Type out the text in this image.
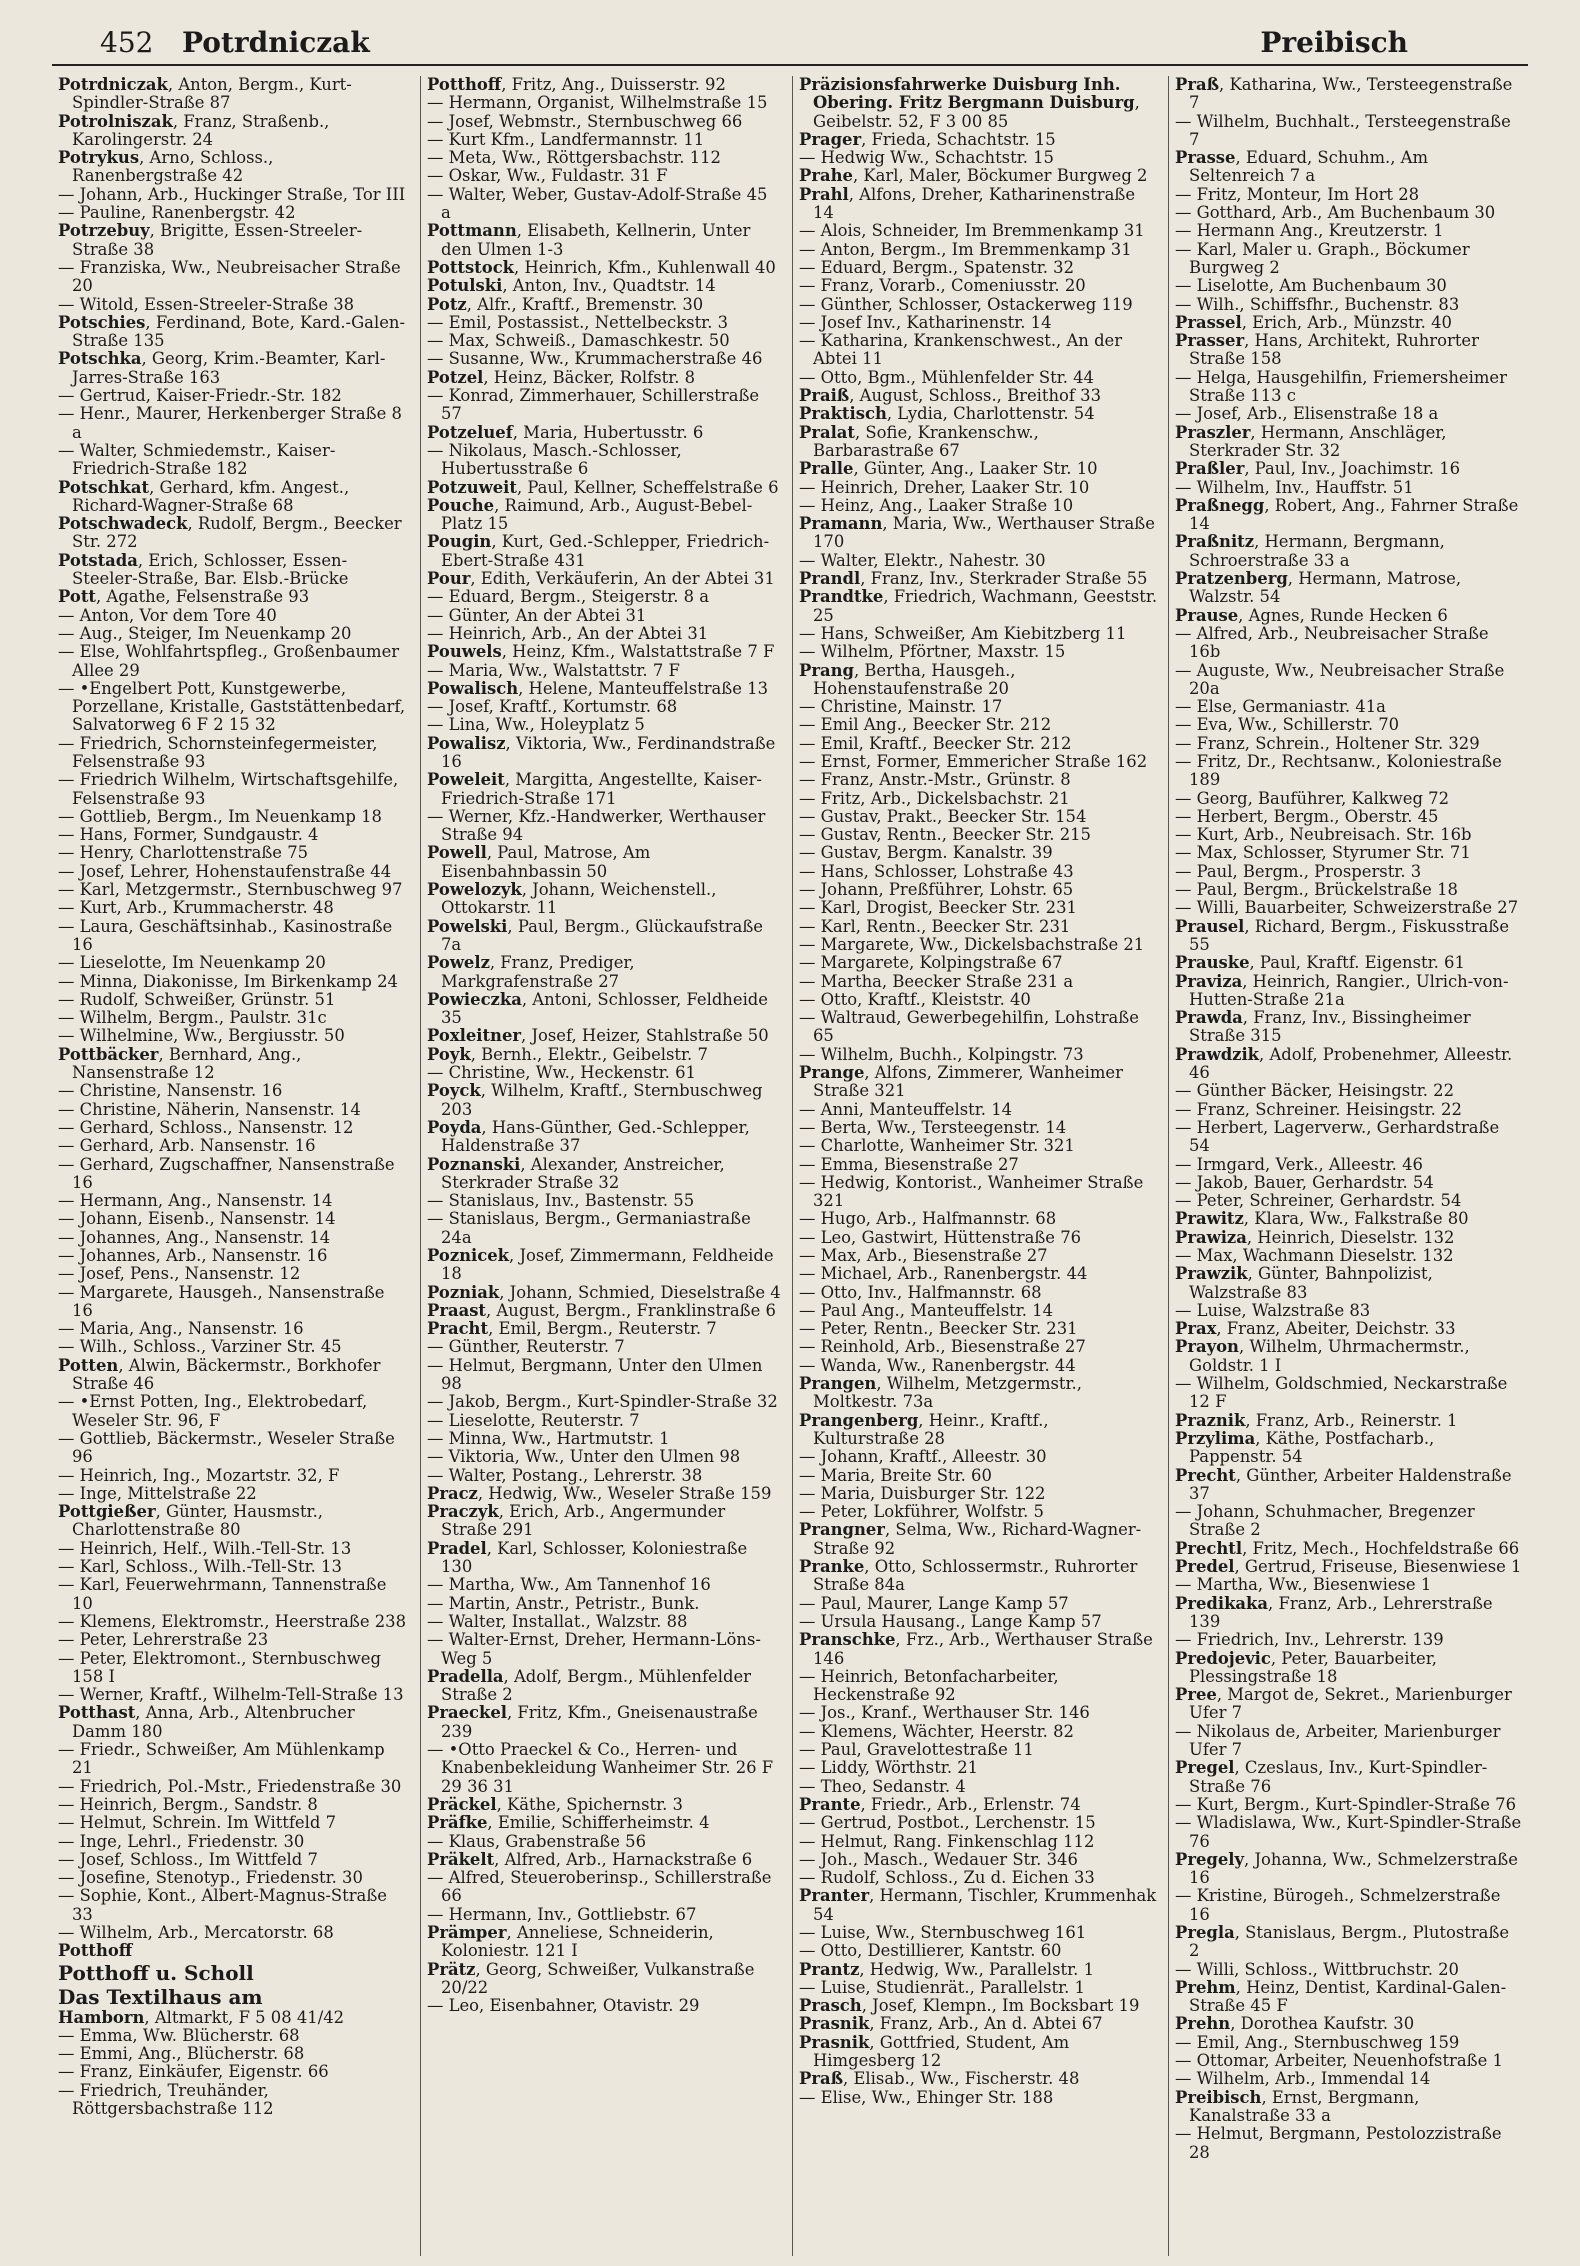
452 Potrdniczak	Preibisch
Potrdniczak, Anton, Bergm., Kurt-Spindler-Straße 87
Potrolniszak, Franz, Straßenb., Karolingerstr. 24
Potrykus, Arno, Schloss., Ranenbergstraße 42
— Johann, Arb., Huckinger Straße, Tor III
— Pauline, Ranenbergstr. 42
Potrzebuy, Brigitte, Essen-Streeler-Straße 38
— Franziska, Ww., Neubreisacher Straße 20
— Witold, Essen-Streeler-Straße 38
Potschies, Ferdinand, Bote, Kard.-Galen-Straße 135
Potschka, Georg, Krim.-Beamter, Karl-Jarres-Straße 163
— Gertrud, Kaiser-Friedr.-Str. 182
— Henr., Maurer, Herkenberger Straße 8 a
— Walter, Schmiedemstr., Kaiser-Friedrich-Straße 182
Potschkat, Gerhard, kfm. Angest., Richard-Wagner-Straße 68
Potschwadeck, Rudolf, Bergm., Beecker Str. 272
Potstada, Erich, Schlosser, Essen-Steeler-Straße, Bar. Elsb.-Brücke
Pott, Agathe, Felsenstraße 93
— Anton, Vor dem Tore 40
— Aug., Steiger, Im Neuenkamp 20
— Else, Wohlfahrtspfleg., Großenbaumer Allee 29
— •Engelbert Pott, Kunstgewerbe, Porzellane, Kristalle, Gaststättenbedarf, Salvatorweg 6 F 2 15 32
— Friedrich, Schornsteinfegermeister, Felsenstraße 93
— Friedrich Wilhelm, Wirtschaftsgehilfe, Felsenstraße 93
— Gottlieb, Bergm., Im Neuenkamp 18
— Hans, Former, Sundgaustr. 4
— Henry, Charlottenstraße 75
— Josef, Lehrer, Hohenstaufenstraße 44
— Karl, Metzgermstr., Sternbuschweg 97
— Kurt, Arb., Krummacherstr. 48
— Laura, Geschäftsinhab., Kasinostraße 16
— Lieselotte, Im Neuenkamp 20
— Minna, Diakonisse, Im Birkenkamp 24
— Rudolf, Schweißer, Grünstr. 51
— Wilhelm, Bergm., Paulstr. 31c
— Wilhelmine, Ww., Bergiusstr. 50
Pottbäcker, Bernhard, Ang., Nansenstraße 12
— Christine, Nansenstr. 16
— Christine, Näherin, Nansenstr. 14
— Gerhard, Schloss., Nansenstr. 12
— Gerhard, Arb. Nansenstr. 16
— Gerhard, Zugschaffner, Nansenstraße 16
— Hermann, Ang., Nansenstr. 14
— Johann, Eisenb., Nansenstr. 14
— Johannes, Ang., Nansenstr. 14
— Johannes, Arb., Nansenstr. 16
— Josef, Pens., Nansenstr. 12
— Margarete, Hausgeh., Nansenstraße 16
— Maria, Ang., Nansenstr. 16
— Wilh., Schloss., Varziner Str. 45
Potten, Alwin, Bäckermstr., Borkhofer Straße 46
— •Ernst Potten, Ing., Elektrobedarf, Weseler Str. 96, F
— Gottlieb, Bäckermstr., Weseler Straße 96
— Heinrich, Ing., Mozartstr. 32, F
— Inge, Mittelstraße 22
Pottgießer, Günter, Hausmstr., Charlottenstraße 80
— Heinrich, Helf., Wilh.-Tell-Str. 13
— Karl, Schloss., Wilh.-Tell-Str. 13
— Karl, Feuerwehrmann, Tannenstraße 10
— Klemens, Elektromstr., Heerstraße 238
— Peter, Lehrerstraße 23
— Peter, Elektromont., Sternbuschweg 158 I
— Werner, Kraftf., Wilhelm-Tell-Straße 13
Potthast, Anna, Arb., Altenbrucher Damm 180
— Friedr., Schweißer, Am Mühlenkamp 21
— Friedrich, Pol.-Mstr., Friedenstraße 30
— Heinrich, Bergm., Sandstr. 8
— Helmut, Schrein. Im Wittfeld 7
— Inge, Lehrl., Friedenstr. 30
— Josef, Schloss., Im Wittfeld 7
— Josefine, Stenotyp., Friedenstr. 30
— Sophie, Kont., Albert-Magnus-Straße 33
— Wilhelm, Arb., Mercatorstr. 68
Potthoff
Potthoff u. Scholl
Das Textilhaus am
Hamborn, Altmarkt, F 5 08 41/42
— Emma, Ww. Blücherstr. 68
— Emmi, Ang., Blücherstr. 68
— Franz, Einkäufer, Eigenstr. 66
— Friedrich, Treuhänder, Röttgersbachstraße 112
Potthoff, Fritz, Ang., Duisserstr. 92
— Hermann, Organist, Wilhelmstraße 15
— Josef, Webmstr., Sternbuschweg 66
— Kurt Kfm., Landfermannstr. 11
— Meta, Ww., Röttgersbachstr. 112
— Oskar, Ww., Fuldastr. 31 F
— Walter, Weber, Gustav-Adolf-Straße 45 a
Pottmann, Elisabeth, Kellnerin, Unter den Ulmen 1-3
Pottstock, Heinrich, Kfm., Kuhlenwall 40
Potulski, Anton, Inv., Quadtstr. 14
Potz, Alfr., Kraftf., Bremenstr. 30
— Emil, Postassist., Nettelbeckstr. 3
— Max, Schweiß., Damaschkestr. 50
— Susanne, Ww., Krummacherstraße 46
Potzel, Heinz, Bäcker, Rolfstr. 8
— Konrad, Zimmerhauer, Schillerstraße 57
Potzeluef, Maria, Hubertusstr. 6
— Nikolaus, Masch.-Schlosser, Hubertusstraße 6
Potzuweit, Paul, Kellner, Scheffelstraße 6
Pouche, Raimund, Arb., August-Bebel-Platz 15
Pougin, Kurt, Ged.-Schlepper, Friedrich-Ebert-Straße 431
Pour, Edith, Verkäuferin, An der Abtei 31
— Eduard, Bergm., Steigerstr. 8 a
— Günter, An der Abtei 31
— Heinrich, Arb., An der Abtei 31
Pouwels, Heinz, Kfm., Walstattstraße 7 F
— Maria, Ww., Walstattstr. 7 F
Powalisch, Helene, Manteuffelstraße 13
— Josef, Kraftf., Kortumstr. 68
— Lina, Ww., Holeyplatz 5
Powalisz, Viktoria, Ww., Ferdinandstraße 16
Poweleit, Margitta, Angestellte, Kaiser-Friedrich-Straße 171
— Werner, Kfz.-Handwerker, Werthauser Straße 94
Powell, Paul, Matrose, Am Eisenbahnbassin 50
Powelozyk, Johann, Weichenstell., Ottokarstr. 11
Powelski, Paul, Bergm., Glückaufstraße 7a
Powelz, Franz, Prediger, Markgrafenstraße 27
Powieczka, Antoni, Schlosser, Feldheide 35
Poxleitner, Josef, Heizer, Stahlstraße 50
Poyk, Bernh., Elektr., Geibelstr. 7
— Christine, Ww., Heckenstr. 61
Poyck, Wilhelm, Kraftf., Sternbuschweg 203
Poyda, Hans-Günther, Ged.-Schlepper, Haldenstraße 37
Poznanski, Alexander, Anstreicher, Sterkrader Straße 32
— Stanislaus, Inv., Bastenstr. 55
— Stanislaus, Bergm., Germaniastraße 24a
Poznicek, Josef, Zimmermann, Feldheide 18
Pozniak, Johann, Schmied, Dieselstraße 4
Praast, August, Bergm., Franklinstraße 6
Pracht, Emil, Bergm., Reuterstr. 7
— Günther, Reuterstr. 7
— Helmut, Bergmann, Unter den Ulmen 98
— Jakob, Bergm., Kurt-Spindler-Straße 32
— Lieselotte, Reuterstr. 7
— Minna, Ww., Hartmutstr. 1
— Viktoria, Ww., Unter den Ulmen 98
— Walter, Postang., Lehrerstr. 38
Pracz, Hedwig, Ww., Weseler Straße 159
Praczyk, Erich, Arb., Angermunder Straße 291
Pradel, Karl, Schlosser, Koloniestraße 130
— Martha, Ww., Am Tannenhof 16
— Martin, Anstr., Petristr., Bunk.
— Walter, Installat., Walzstr. 88
— Walter-Ernst, Dreher, Hermann-Löns-Weg 5
Pradella, Adolf, Bergm., Mühlenfelder Straße 2
Praeckel, Fritz, Kfm., Gneisenaustraße 239
— •Otto Praeckel & Co., Herren- und Knabenbekleidung Wanheimer Str. 26 F 29 36 31
Präckel, Käthe, Spichernstr. 3
Präfke, Emilie, Schifferheimstr. 4
— Klaus, Grabenstraße 56
Präkelt, Alfred, Arb., Harnackstraße 6
— Alfred, Steueroberinsp., Schillerstraße 66
— Hermann, Inv., Gottliebstr. 67
Prämper, Anneliese, Schneiderin, Koloniestr. 121 I
Prätz, Georg, Schweißer, Vulkanstraße 20/22
— Leo, Eisenbahner, Otavistr. 29
Präzisionsfahrwerke Duisburg Inh. Obering. Fritz Bergmann Duisburg, Geibelstr. 52, F 3 00 85
Prager, Frieda, Schachtstr. 15
— Hedwig Ww., Schachtstr. 15
Prahe, Karl, Maler, Böckumer Burgweg 2
Prahl, Alfons, Dreher, Katharinenstraße 14
— Alois, Schneider, Im Bremmenkamp 31
— Anton, Bergm., Im Bremmenkamp 31
— Eduard, Bergm., Spatenstr. 32
— Franz, Vorarb., Comeniusstr. 20
— Günther, Schlosser, Ostackerweg 119
— Josef Inv., Katharinenstr. 14
— Katharina, Krankenschwest., An der Abtei 11
— Otto, Bgm., Mühlenfelder Str. 44
Praiß, August, Schloss., Breithof 33
Praktisch, Lydia, Charlottenstr. 54
Pralat, Sofie, Krankenschw., Barbarastraße 67
Pralle, Günter, Ang., Laaker Str. 10
— Heinrich, Dreher, Laaker Str. 10
— Heinz, Ang., Laaker Straße 10
Pramann, Maria, Ww., Werthauser Straße 170
— Walter, Elektr., Nahestr. 30
Prandl, Franz, Inv., Sterkrader Straße 55
Prandtke, Friedrich, Wachmann, Geeststr. 25
— Hans, Schweißer, Am Kiebitzberg 11
— Wilhelm, Pförtner, Maxstr. 15
Prang, Bertha, Hausgeh., Hohenstaufenstraße 20
— Christine, Mainstr. 17
— Emil Ang., Beecker Str. 212
— Emil, Kraftf., Beecker Str. 212
— Ernst, Former, Emmericher Straße 162
— Franz, Anstr.-Mstr., Grünstr. 8
— Fritz, Arb., Dickelsbachstr. 21
— Gustav, Prakt., Beecker Str. 154
— Gustav, Rentn., Beecker Str. 215
— Gustav, Bergm. Kanalstr. 39
— Hans, Schlosser, Lohstraße 43
— Johann, Preßführer, Lohstr. 65
— Karl, Drogist, Beecker Str. 231
— Karl, Rentn., Beecker Str. 231
— Margarete, Ww., Dickelsbachstraße 21
— Margarete, Kolpingstraße 67
— Martha, Beecker Straße 231 a
— Otto, Kraftf., Kleiststr. 40
— Waltraud, Gewerbegehilfin, Lohstraße 65
— Wilhelm, Buchh., Kolpingstr. 73
Prange, Alfons, Zimmerer, Wanheimer Straße 321
— Anni, Manteuffelstr. 14
— Berta, Ww., Tersteegenstr. 14
— Charlotte, Wanheimer Str. 321
— Emma, Biesenstraße 27
— Hedwig, Kontorist., Wanheimer Straße 321
— Hugo, Arb., Halfmannstr. 68
— Leo, Gastwirt, Hüttenstraße 76
— Max, Arb., Biesenstraße 27
— Michael, Arb., Ranenbergstr. 44
— Otto, Inv., Halfmannstr. 68
— Paul Ang., Manteuffelstr. 14
— Peter, Rentn., Beecker Str. 231
— Reinhold, Arb., Biesenstraße 27
— Wanda, Ww., Ranenbergstr. 44
Prangen, Wilhelm, Metzgermstr., Moltkestr. 73a
Prangenberg, Heinr., Kraftf., Kulturstraße 28
— Johann, Kraftf., Alleestr. 30
— Maria, Breite Str. 60
— Maria, Duisburger Str. 122
— Peter, Lokführer, Wolfstr. 5
Prangner, Selma, Ww., Richard-Wagner-Straße 92
Pranke, Otto, Schlossermstr., Ruhrorter Straße 84a
— Paul, Maurer, Lange Kamp 57
— Ursula Hausang., Lange Kamp 57
Pranschke, Frz., Arb., Werthauser Straße 146
— Heinrich, Betonfacharbeiter, Heckenstraße 92
— Jos., Kranf., Werthauser Str. 146
— Klemens, Wächter, Heerstr. 82
— Paul, Gravelottestraße 11
— Liddy, Wörthstr. 21
— Theo, Sedanstr. 4
Prante, Friedr., Arb., Erlenstr. 74
— Gertrud, Postbot., Lerchenstr. 15
— Helmut, Rang. Finkenschlag 112
— Joh., Masch., Wedauer Str. 346
— Rudolf, Schloss., Zu d. Eichen 33
Pranter, Hermann, Tischler, Krummenhak 54
— Luise, Ww., Sternbuschweg 161
— Otto, Destillierer, Kantstr. 60
Prantz, Hedwig, Ww., Parallelstr. 1
— Luise, Studienrät., Parallelstr. 1
Prasch, Josef, Klempn., Im Bocksbart 19
Prasnik, Franz, Arb., An d. Abtei 67
Prasnik, Gottfried, Student, Am Himgesberg 12
Praß, Elisab., Ww., Fischerstr. 48
— Elise, Ww., Ehinger Str. 188
Praß, Katharina, Ww., Tersteegenstraße 7
— Wilhelm, Buchhalt., Tersteegenstraße 7
Prasse, Eduard, Schuhm., Am Seltenreich 7 a
— Fritz, Monteur, Im Hort 28
— Gotthard, Arb., Am Buchenbaum 30
— Hermann Ang., Kreutzerstr. 1
— Karl, Maler u. Graph., Böckumer Burgweg 2
— Liselotte, Am Buchenbaum 30
— Wilh., Schiffsfhr., Buchenstr. 83
Prassel, Erich, Arb., Münzstr. 40
Prasser, Hans, Architekt, Ruhrorter Straße 158
— Helga, Hausgehilfin, Friemersheimer Straße 113 c
— Josef, Arb., Elisenstraße 18 a
Praszler, Hermann, Anschläger, Sterkrader Str. 32
Praßler, Paul, Inv., Joachimstr. 16
— Wilhelm, Inv., Hauffstr. 51
Praßnegg, Robert, Ang., Fahrner Straße 14
Praßnitz, Hermann, Bergmann, Schroerstraße 33 a
Pratzenberg, Hermann, Matrose, Walzstr. 54
Prause, Agnes, Runde Hecken 6
— Alfred, Arb., Neubreisacher Straße 16b
— Auguste, Ww., Neubreisacher Straße 20a
— Else, Germaniastr. 41a
— Eva, Ww., Schillerstr. 70
— Franz, Schrein., Holtener Str. 329
— Fritz, Dr., Rechtsanw., Koloniestraße 189
— Georg, Bauführer, Kalkweg 72
— Herbert, Bergm., Oberstr. 45
— Kurt, Arb., Neubreisach. Str. 16b
— Max, Schlosser, Styrumer Str. 71
— Paul, Bergm., Prosperstr. 3
— Paul, Bergm., Brückelstraße 18
— Willi, Bauarbeiter, Schweizerstraße 27
Prausel, Richard, Bergm., Fiskusstraße 55
Prauske, Paul, Kraftf. Eigenstr. 61
Praviza, Heinrich, Rangier., Ulrich-von-Hutten-Straße 21a
Prawda, Franz, Inv., Bissingheimer Straße 315
Prawdzik, Adolf, Probenehmer, Alleestr. 46
— Günther Bäcker, Heisingstr. 22
— Franz, Schreiner. Heisingstr. 22
— Herbert, Lagerverw., Gerhardstraße 54
— Irmgard, Verk., Alleestr. 46
— Jakob, Bauer, Gerhardstr. 54
— Peter, Schreiner, Gerhardstr. 54
Prawitz, Klara, Ww., Falkstraße 80
Prawiza, Heinrich, Dieselstr. 132
— Max, Wachmann Dieselstr. 132
Prawzik, Günter, Bahnpolizist, Walzstraße 83
— Luise, Walzstraße 83
Prax, Franz, Abeiter, Deichstr. 33
Prayon, Wilhelm, Uhrmachermstr., Goldstr. 1 I
— Wilhelm, Goldschmied, Neckarstraße 12 F
Praznik, Franz, Arb., Reinerstr. 1
Przylima, Käthe, Postfacharb., Pappenstr. 54
Precht, Günther, Arbeiter Haldenstraße 37
— Johann, Schuhmacher, Bregenzer Straße 2
Prechtl, Fritz, Mech., Hochfeldstraße 66
Predel, Gertrud, Friseuse, Biesenwiese 1
— Martha, Ww., Biesenwiese 1
Predikaka, Franz, Arb., Lehrerstraße 139
— Friedrich, Inv., Lehrerstr. 139
Predojevic, Peter, Bauarbeiter, Plessingstraße 18
Pree, Margot de, Sekret., Marienburger Ufer 7
— Nikolaus de, Arbeiter, Marienburger Ufer 7
Pregel, Czeslaus, Inv., Kurt-Spindler-Straße 76
— Kurt, Bergm., Kurt-Spindler-Straße 76
— Wladislawa, Ww., Kurt-Spindler-Straße 76
Pregely, Johanna, Ww., Schmelzerstraße 16
— Kristine, Bürogeh., Schmelzerstraße 16
Pregla, Stanislaus, Bergm., Plutostraße 2
— Willi, Schloss., Wittbruchstr. 20
Prehm, Heinz, Dentist, Kardinal-Galen-Straße 45 F
Prehn, Dorothea Kaufstr. 30
— Emil, Ang., Sternbuschweg 159
— Ottomar, Arbeiter, Neuenhofstraße 1
— Wilhelm, Arb., Immendal 14
Preibisch, Ernst, Bergmann, Kanalstraße 33 a
— Helmut, Bergmann, Pestolozzistraße 28
